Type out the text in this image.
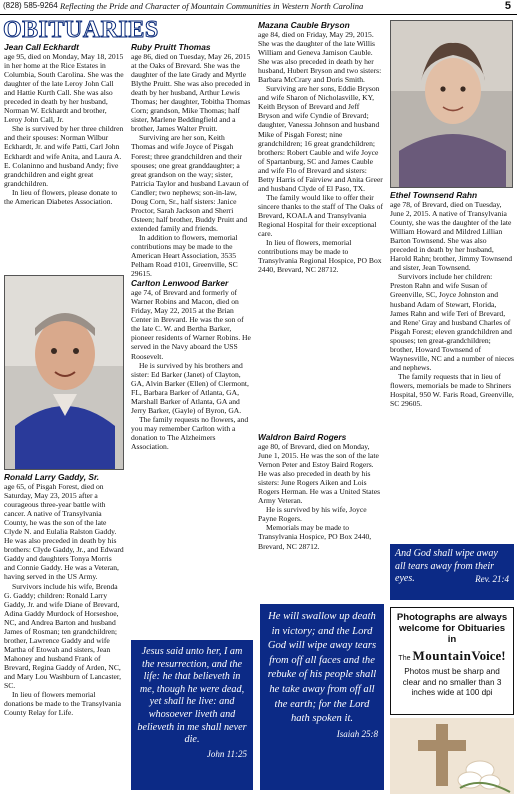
(828) 585-9264 Reflecting the Pride and Character of Mountain Communities in Western North Carolina	5
OBITUARIES
Jean Call Eckhardt

age 95, died on Monday, May 18, 2015 in her home at the Rice Estates in Columbia, South Carolina. She was the daughter of the late Leroy John Call and Hattie Kurth Call. She was also preceded in death by her husband, Norman W. Eckhardt and brother, Leroy John Call, Jr.

She is survived by her three children and their spouses: Norman Wilbur Eckhardt, Jr. and wife Patti, Carl John Eckhardt and wife Anita, and Laura A. E. Colaninno and husband Andy; five grandchildren and eight great grandchildren.

In lieu of flowers, please donate to the American Diabetes Association.

Ronald Larry Gaddy, Sr.

age 65, of Pisgah Forest, died on Saturday, May 23, 2015 after a courageous three-year battle with cancer. A native of Transylvania County, he was the son of the late Clyde N. and Eulalia Ralston Gaddy. He was also preceded in death by his brothers: Clyde Gaddy, Jr., and Edward Gaddy and daughters Tonya Morris and Connie Gaddy. He was a Veteran, having served in the US Army.

Survivors include his wife, Brenda G. Gaddy; children: Ronald Larry Gaddy, Jr. and wife Diane of Brevard, Adina Gaddy Murdock of Horseshoe, NC, and Andrea Barton and husband James of Rosman; ten grandchildren; brother, Lawrence Gaddy and wife Martha of Etowah and sisters, Jean Mahoney and husband Frank of Brevard, Regina Gaddy of Arden, NC, and Mary Lou Washburn of Lancaster, SC.

In lieu of flowers memorial donations be made to the Transylvania County Relay for Life.

Ruby Pruitt Thomas

age 86, died on Tuesday, May 26, 2015 at the Oaks of Brevard. She was the daughter of the late Grady and Myrtle Blythe Pruitt. She was also preceded in death by her husband, Arthur Lewis Thomas; her daughter, Tobitha Thomas Corn; grandson, Mike Thomas; half sister, Marlene Beddingfield and a brother, James Walter Pruitt.

Surviving are her son, Keith Thomas and wife Joyce of Pisgah Forest; three grandchildren and their spouses; one great granddaughter; a great grandson on the way; sister, Patricia Taylor and husband Lavaun of Candler; two nephews; son-in-law, Doug Corn, Sr., half sisters: Janice Proctor, Sarah Jackson and Sherri Osteen; half brother, Buddy Pruitt and extended family and friends.

In addition to flowers, memorial contributions may be made to the American Heart Association, 3535 Pelham Road #101, Greenville, SC 29615.

Carlton Lenwood Barker

age 74, of Brevard and formerly of Warner Robins and Macon, died on Friday, May 22, 2015 at the Brian Center in Brevard. He was the son of the late C. W. and Bertha Barker, pioneer residents of Warner Robins. He served in the Navy aboard the USS Roosevelt.

He is survived by his brothers and sister: Ed Barker (Janet) of Clayton, GA, Alvin Barker (Ellen) of Clermont, FL, Barbara Barker of Atlanta, GA, Marshall Barker of Atlanta, GA and Jerry Barker, (Gayle) of Byron, GA.

The family requests no flowers, and you may remember Carlton with a donation to The Alzheimers Association.

Jesus said unto her, I am the resurrection, and the life: he that believeth in me, though he were dead, yet shall he live: and whosoever liveth and believeth in me shall never die.
John 11:25
Mazana Cauble Bryson

age 84, died on Friday, May 29, 2015. She was the daughter of the late Willis William and Geneva Jamison Cauble. She was also preceded in death by her husband, Hubert Bryson and two sisters: Barbara McCrary and Doris Smith.

Surviving are her sons, Eddie Bryson and wife Sharon of Nicholasville, KY, Keith Bryson of Brevard and Jeff Bryson and wife Cyndie of Brevard; daughter, Vanessa Johnson and husband Mike of Pisgah Forest; nine grandchildren; 16 great grandchildren; brothers: Robert Cauble and wife Joyce of Spartanburg, SC and James Cauble and wife Flo of Brevard and sisters: Betty Harris of Fairview and Anita Greer and husband Clyde of El Paso, TX.

The family would like to offer their sincere thanks to the staff of The Oaks of Brevard, KOALA and Transylvania Regional Hospital for their exceptional care.

In lieu of flowers, memorial contributions may be made to Transylvania Regional Hospice, PO Box 2440, Brevard, NC 28712.

Waldron Baird Rogers

age 80, of Brevard, died on Monday, June 1, 2015. He was the son of the late Vernon Peter and Estoy Baird Rogers. He was also preceded in death by his sisters: June Rogers Aiken and Lois Rogers Herman. He was a United States Army Veteran.

He is survived by his wife, Joyce Payne Rogers.

Memorials may be made to Transylvania Hospice, PO Box 2440, Brevard, NC 28712.

He will swallow up death in victory; and the Lord God will wipe away tears from off all faces and the rebuke of his people shall he take away from off all the earth; for the Lord hath spoken it.
Isaiah 25:8
Ethel Townsend Rahn

age 78, of Brevard, died on Tuesday, June 2, 2015. A native of Transylvania County, she was the daughter of the late William Howard and Mildred Lillian Barton Townsend. She was also preceded in death by her husband, Harold Rahn; brother, Jimmy Townsend and sister, Jean Townsend.

Survivors include her children: Preston Rahn and wife Susan of Greenville, SC, Joyce Johnston and husband Adam of Stewart, Florida, James Rahn and wife Teri of Brevard, and Rene' Gray and husband Charles of Pisgah Forest; eleven grandchildren and spouses; ten great-grandchildren; brother, Howard Townsend of Waynesville, NC and a number of nieces and nephews.

The family requests that in lieu of flowers, memorials be made to Shriners Hospital, 950 W. Faris Road, Greenville, SC 29605.

And God shall wipe away all tears away from their eyes.	Rev. 21:4
Photographs are always
welcome for Obituaries in
The Mountain Voice!
Photos must be sharp and clear and no smaller than 3 inches wide at 100 dpi
